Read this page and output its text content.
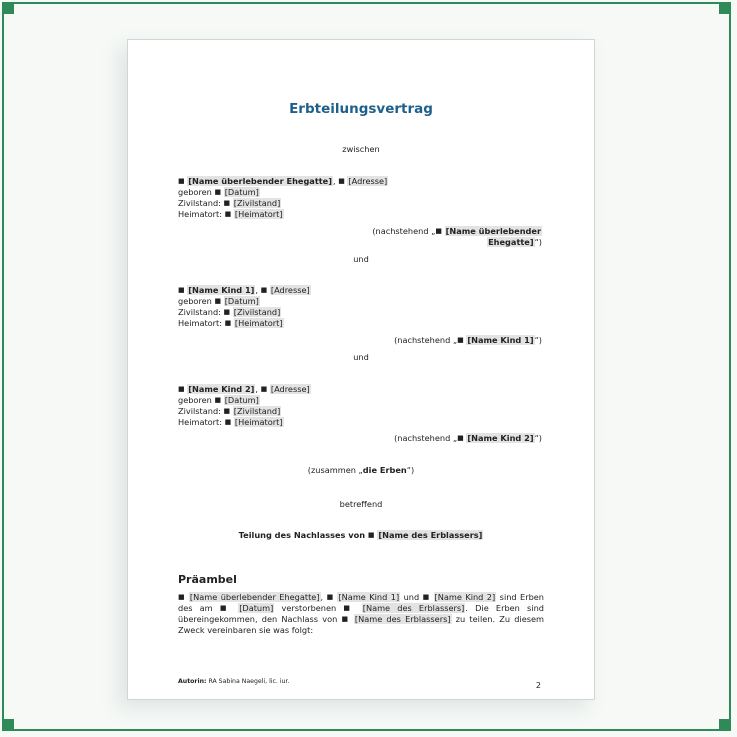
Erbteilungsvertrag
zwischen
■ [Name überlebender Ehegatte], ■ [Adresse]
geboren ■ [Datum]
Zivilstand: ■ [Zivilstand]
Heimatort: ■ [Heimatort]
(nachstehend „■ [Name überlebender
Ehegatte]“)
und
■ [Name Kind 1], ■ [Adresse]
geboren ■ [Datum]
Zivilstand: ■ [Zivilstand]
Heimatort: ■ [Heimatort]
(nachstehend „■ [Name Kind 1]“)
und
■ [Name Kind 2], ■ [Adresse]
geboren ■ [Datum]
Zivilstand: ■ [Zivilstand]
Heimatort: ■ [Heimatort]
(nachstehend „■ [Name Kind 2]“)
(zusammen „die Erben“)
betreffend
Teilung des Nachlasses von ■ [Name des Erblassers]
Präambel
■ [Name überlebender Ehegatte], ■ [Name Kind 1] und ■ [Name Kind 2] sind Erben des am ■ [Datum] verstorbenen ■ [Name des Erblassers]. Die Erben sind übereingekommen, den Nachlass von ■ [Name des Erblassers] zu teilen. Zu diesem Zweck vereinbaren sie was folgt:
Autorin: RA Sabina Naegeli, lic. iur.	2
